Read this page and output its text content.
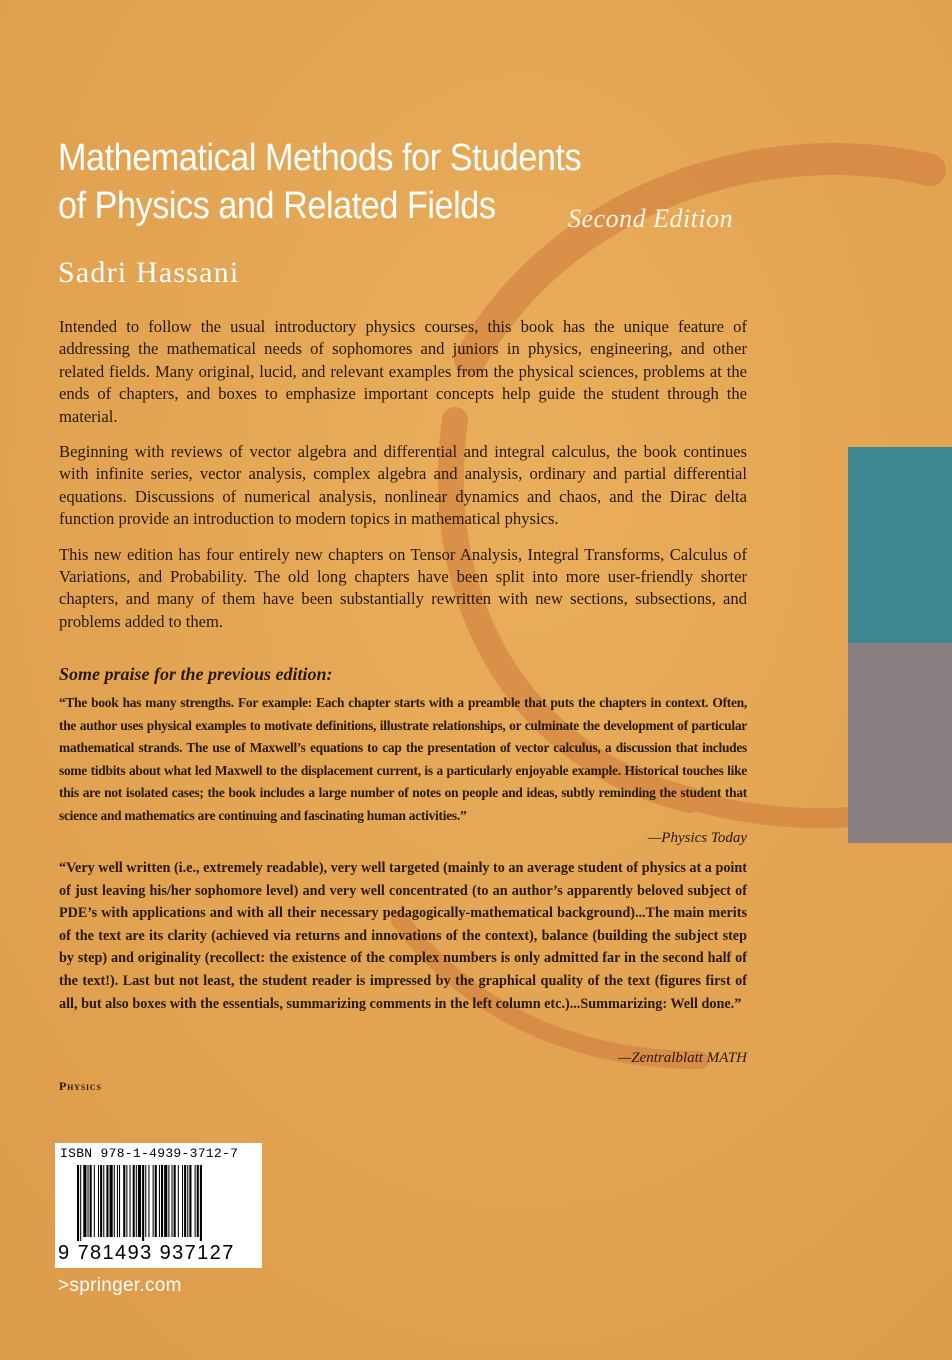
Mathematical Methods for Students
of Physics and Related Fields	Second Edition
Sadri Hassani

Intended to follow the usual introductory physics courses, this book has the unique feature of addressing the mathematical needs of sophomores and juniors in physics, engineering, and other related fields. Many original, lucid, and relevant examples from the physical sciences, problems at the ends of chapters, and boxes to emphasize important concepts help guide the student through the material.

Beginning with reviews of vector algebra and differential and integral calculus, the book continues with infinite series, vector analysis, complex algebra and analysis, ordinary and partial differential equations. Discussions of numerical analysis, nonlinear dynamics and chaos, and the Dirac delta function provide an introduction to modern topics in mathematical physics.

This new edition has four entirely new chapters on Tensor Analysis, Integral Transforms, Calculus of Variations, and Probability. The old long chapters have been split into more user-friendly shorter chapters, and many of them have been substantially rewritten with new sections, subsections, and problems added to them.

Some praise for the previous edition:
“The book has many strengths. For example: Each chapter starts with a preamble that puts the chapters in context. Often, the author uses physical examples to motivate definitions, illustrate relationships, or culminate the development of particular mathematical strands. The use of Maxwell’s equations to cap the presentation of vector calculus, a discussion that includes some tidbits about what led Maxwell to the displacement current, is a particularly enjoyable example. Historical touches like this are not isolated cases; the book includes a large number of notes on people and ideas, subtly reminding the student that science and mathematics are continuing and fascinating human activities.”
—Physics Today
“Very well written (i.e., extremely readable), very well targeted (mainly to an average student of physics at a point of just leaving his/her sophomore level) and very well concentrated (to an author’s apparently beloved subject of PDE’s with applications and with all their necessary pedagogically-mathematical background)...The main merits of the text are its clarity (achieved via returns and innovations of the context), balance (building the subject step by step) and originality (recollect: the existence of the complex numbers is only admitted far in the second half of the text!). Last but not least, the student reader is impressed by the graphical quality of the text (figures first of all, but also boxes with the essentials, summarizing comments in the left column etc.)...Summarizing: Well done.”
—Zentralblatt MATH
Physics
ISBN 978-1-4939-3712-7
9 781493 937127
>springer.com
